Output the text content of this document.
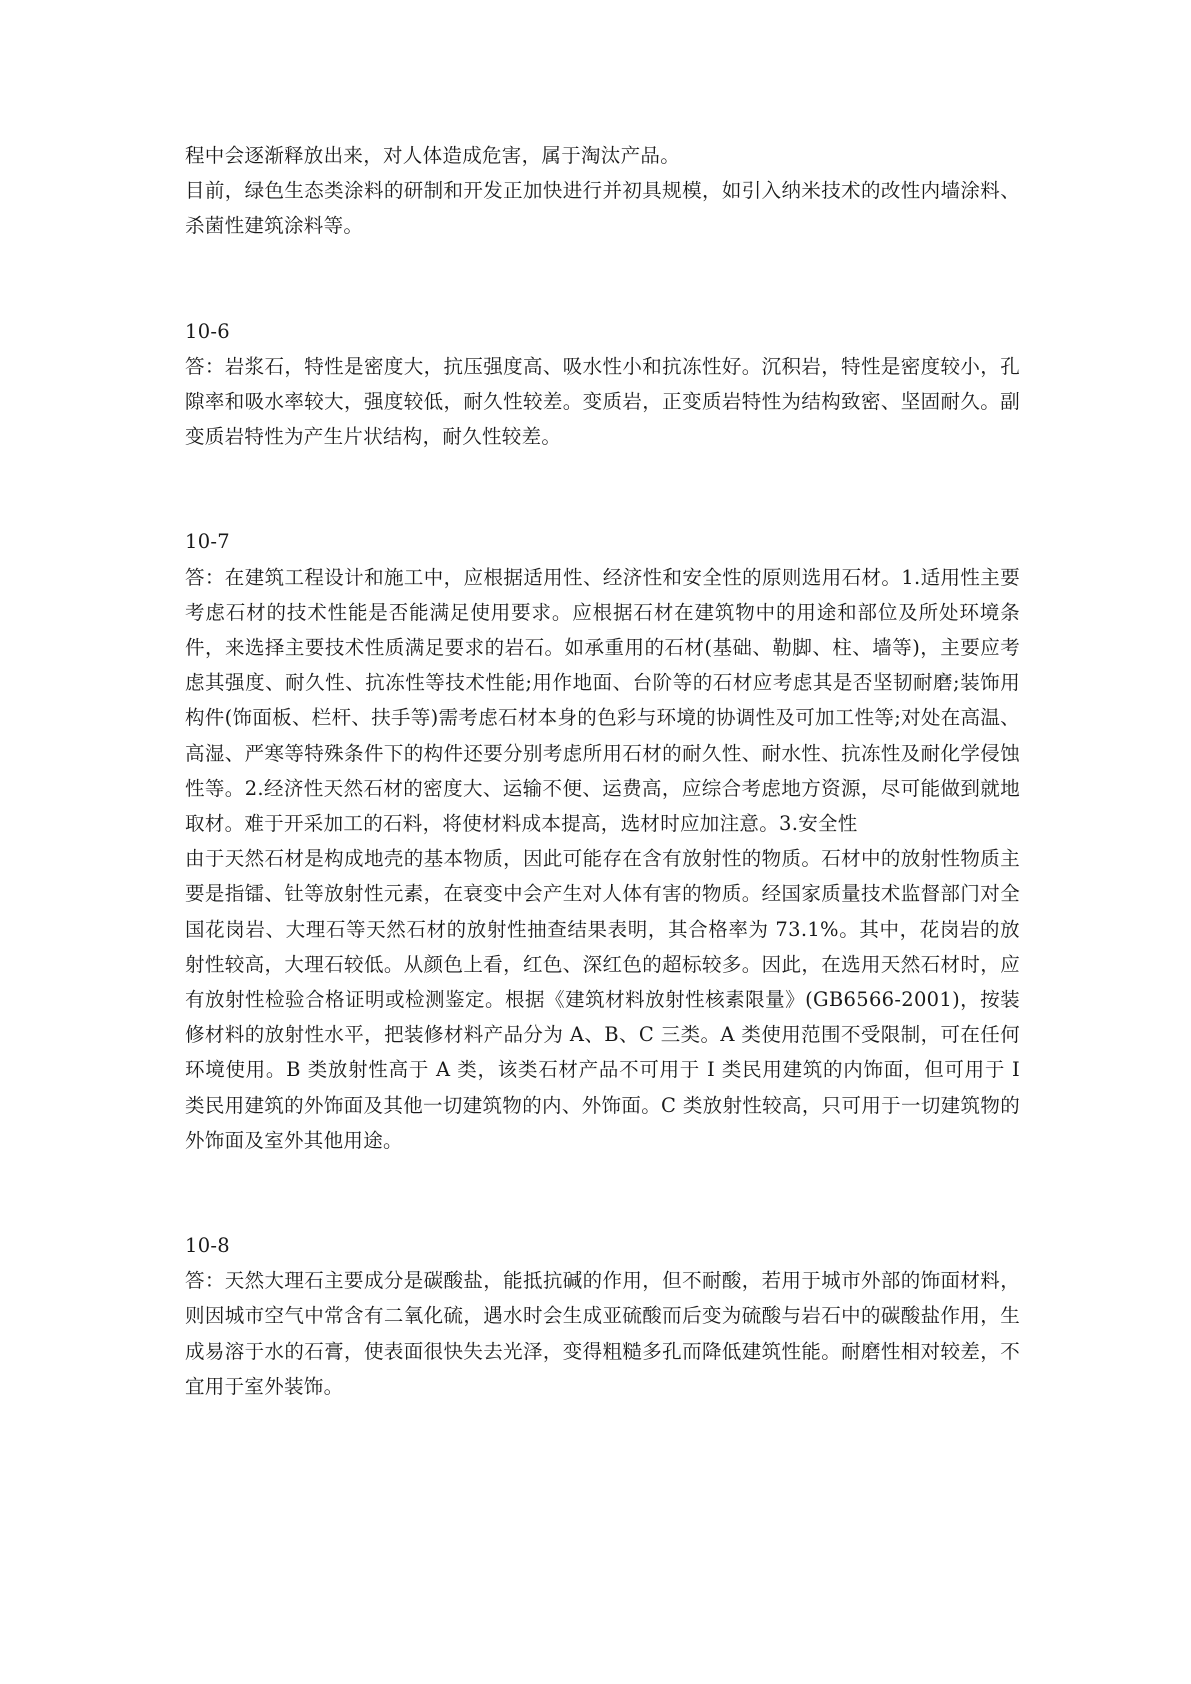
程中会逐渐释放出来，对人体造成危害，属于淘汰产品。

目前，绿色生态类涂料的研制和开发正加快进行并初具规模，如引入纳米技术的改性内墙涂料、杀菌性建筑涂料等。

10-6

答：岩浆石，特性是密度大，抗压强度高、吸水性小和抗冻性好。沉积岩，特性是密度较小，孔隙率和吸水率较大，强度较低，耐久性较差。变质岩，正变质岩特性为结构致密、坚固耐久。副变质岩特性为产生片状结构，耐久性较差。

10-7

答：在建筑工程设计和施工中，应根据适用性、经济性和安全性的原则选用石材。1.适用性主要考虑石材的技术性能是否能满足使用要求。应根据石材在建筑物中的用途和部位及所处环境条件，来选择主要技术性质满足要求的岩石。如承重用的石材(基础、勒脚、柱、墙等)，主要应考虑其强度、耐久性、抗冻性等技术性能;用作地面、台阶等的石材应考虑其是否坚韧耐磨;装饰用构件(饰面板、栏杆、扶手等)需考虑石材本身的色彩与环境的协调性及可加工性等;对处在高温、高湿、严寒等特殊条件下的构件还要分别考虑所用石材的耐久性、耐水性、抗冻性及耐化学侵蚀性等。2.经济性天然石材的密度大、运输不便、运费高，应综合考虑地方资源，尽可能做到就地取材。难于开采加工的石料，将使材料成本提高，选材时应加注意。3.安全性

由于天然石材是构成地壳的基本物质，因此可能存在含有放射性的物质。石材中的放射性物质主要是指镭、钍等放射性元素，在衰变中会产生对人体有害的物质。经国家质量技术监督部门对全国花岗岩、大理石等天然石材的放射性抽查结果表明，其合格率为 73.1%。其中，花岗岩的放射性较高，大理石较低。从颜色上看，红色、深红色的超标较多。因此，在选用天然石材时，应有放射性检验合格证明或检测鉴定。根据《建筑材料放射性核素限量》(GB6566-2001)，按装修材料的放射性水平，把装修材料产品分为 A、B、C 三类。A 类使用范围不受限制，可在任何环境使用。B 类放射性高于 A 类，该类石材产品不可用于 I 类民用建筑的内饰面，但可用于 I 类民用建筑的外饰面及其他一切建筑物的内、外饰面。C 类放射性较高，只可用于一切建筑物的外饰面及室外其他用途。

10-8

答：天然大理石主要成分是碳酸盐，能抵抗碱的作用，但不耐酸，若用于城市外部的饰面材料，则因城市空气中常含有二氧化硫，遇水时会生成亚硫酸而后变为硫酸与岩石中的碳酸盐作用，生成易溶于水的石膏，使表面很快失去光泽，变得粗糙多孔而降低建筑性能。耐磨性相对较差，不宜用于室外装饰。
